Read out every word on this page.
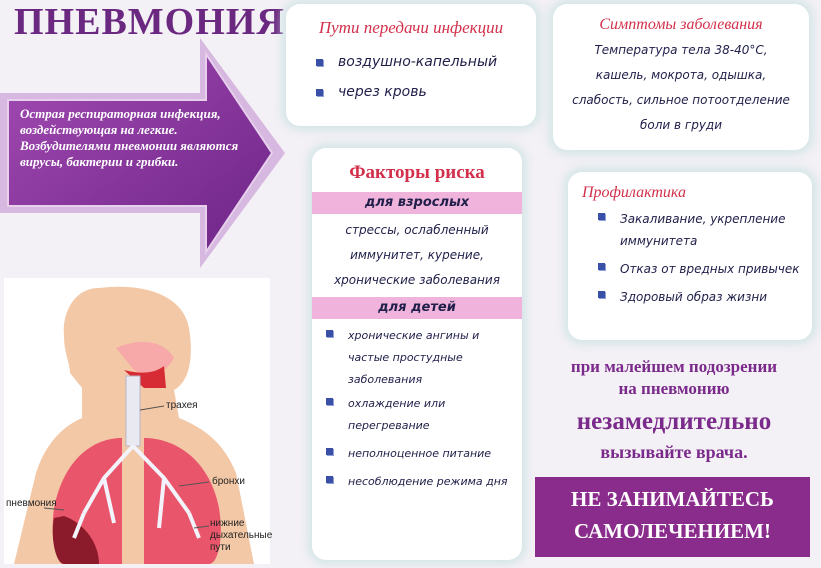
ПНЕВМОНИЯ
Острая респираторная инфекция, воздействующая на легкие. Возбудителями пневмонии являются вирусы, бактерии и грибки.
Пути передачи инфекции
воздушно-капельный
через кровь
Симптомы заболевания
Температура тела 38-40°С,
кашель, мокрота, одышка,
слабость, сильное потоотделение
боли в груди
Факторы риска
для взрослых
стрессы, ослабленный
иммунитет, курение,
хронические заболевания
для детей
хронические ангины и частые простудные заболевания
охлаждение или перегревание
неполноценное питание
несоблюдение режима дня
Профилактика
Закаливание, укрепление иммунитета
Отказ от вредных привычек
Здоровый образ жизни
при малейшем подозрении
на пневмонию
незамедлительно
вызывайте врача.
НЕ ЗАНИМАЙТЕСЬ
САМОЛЕЧЕНИЕМ!
трахея
бронхи
пневмония
нижние
дыхательные
пути
